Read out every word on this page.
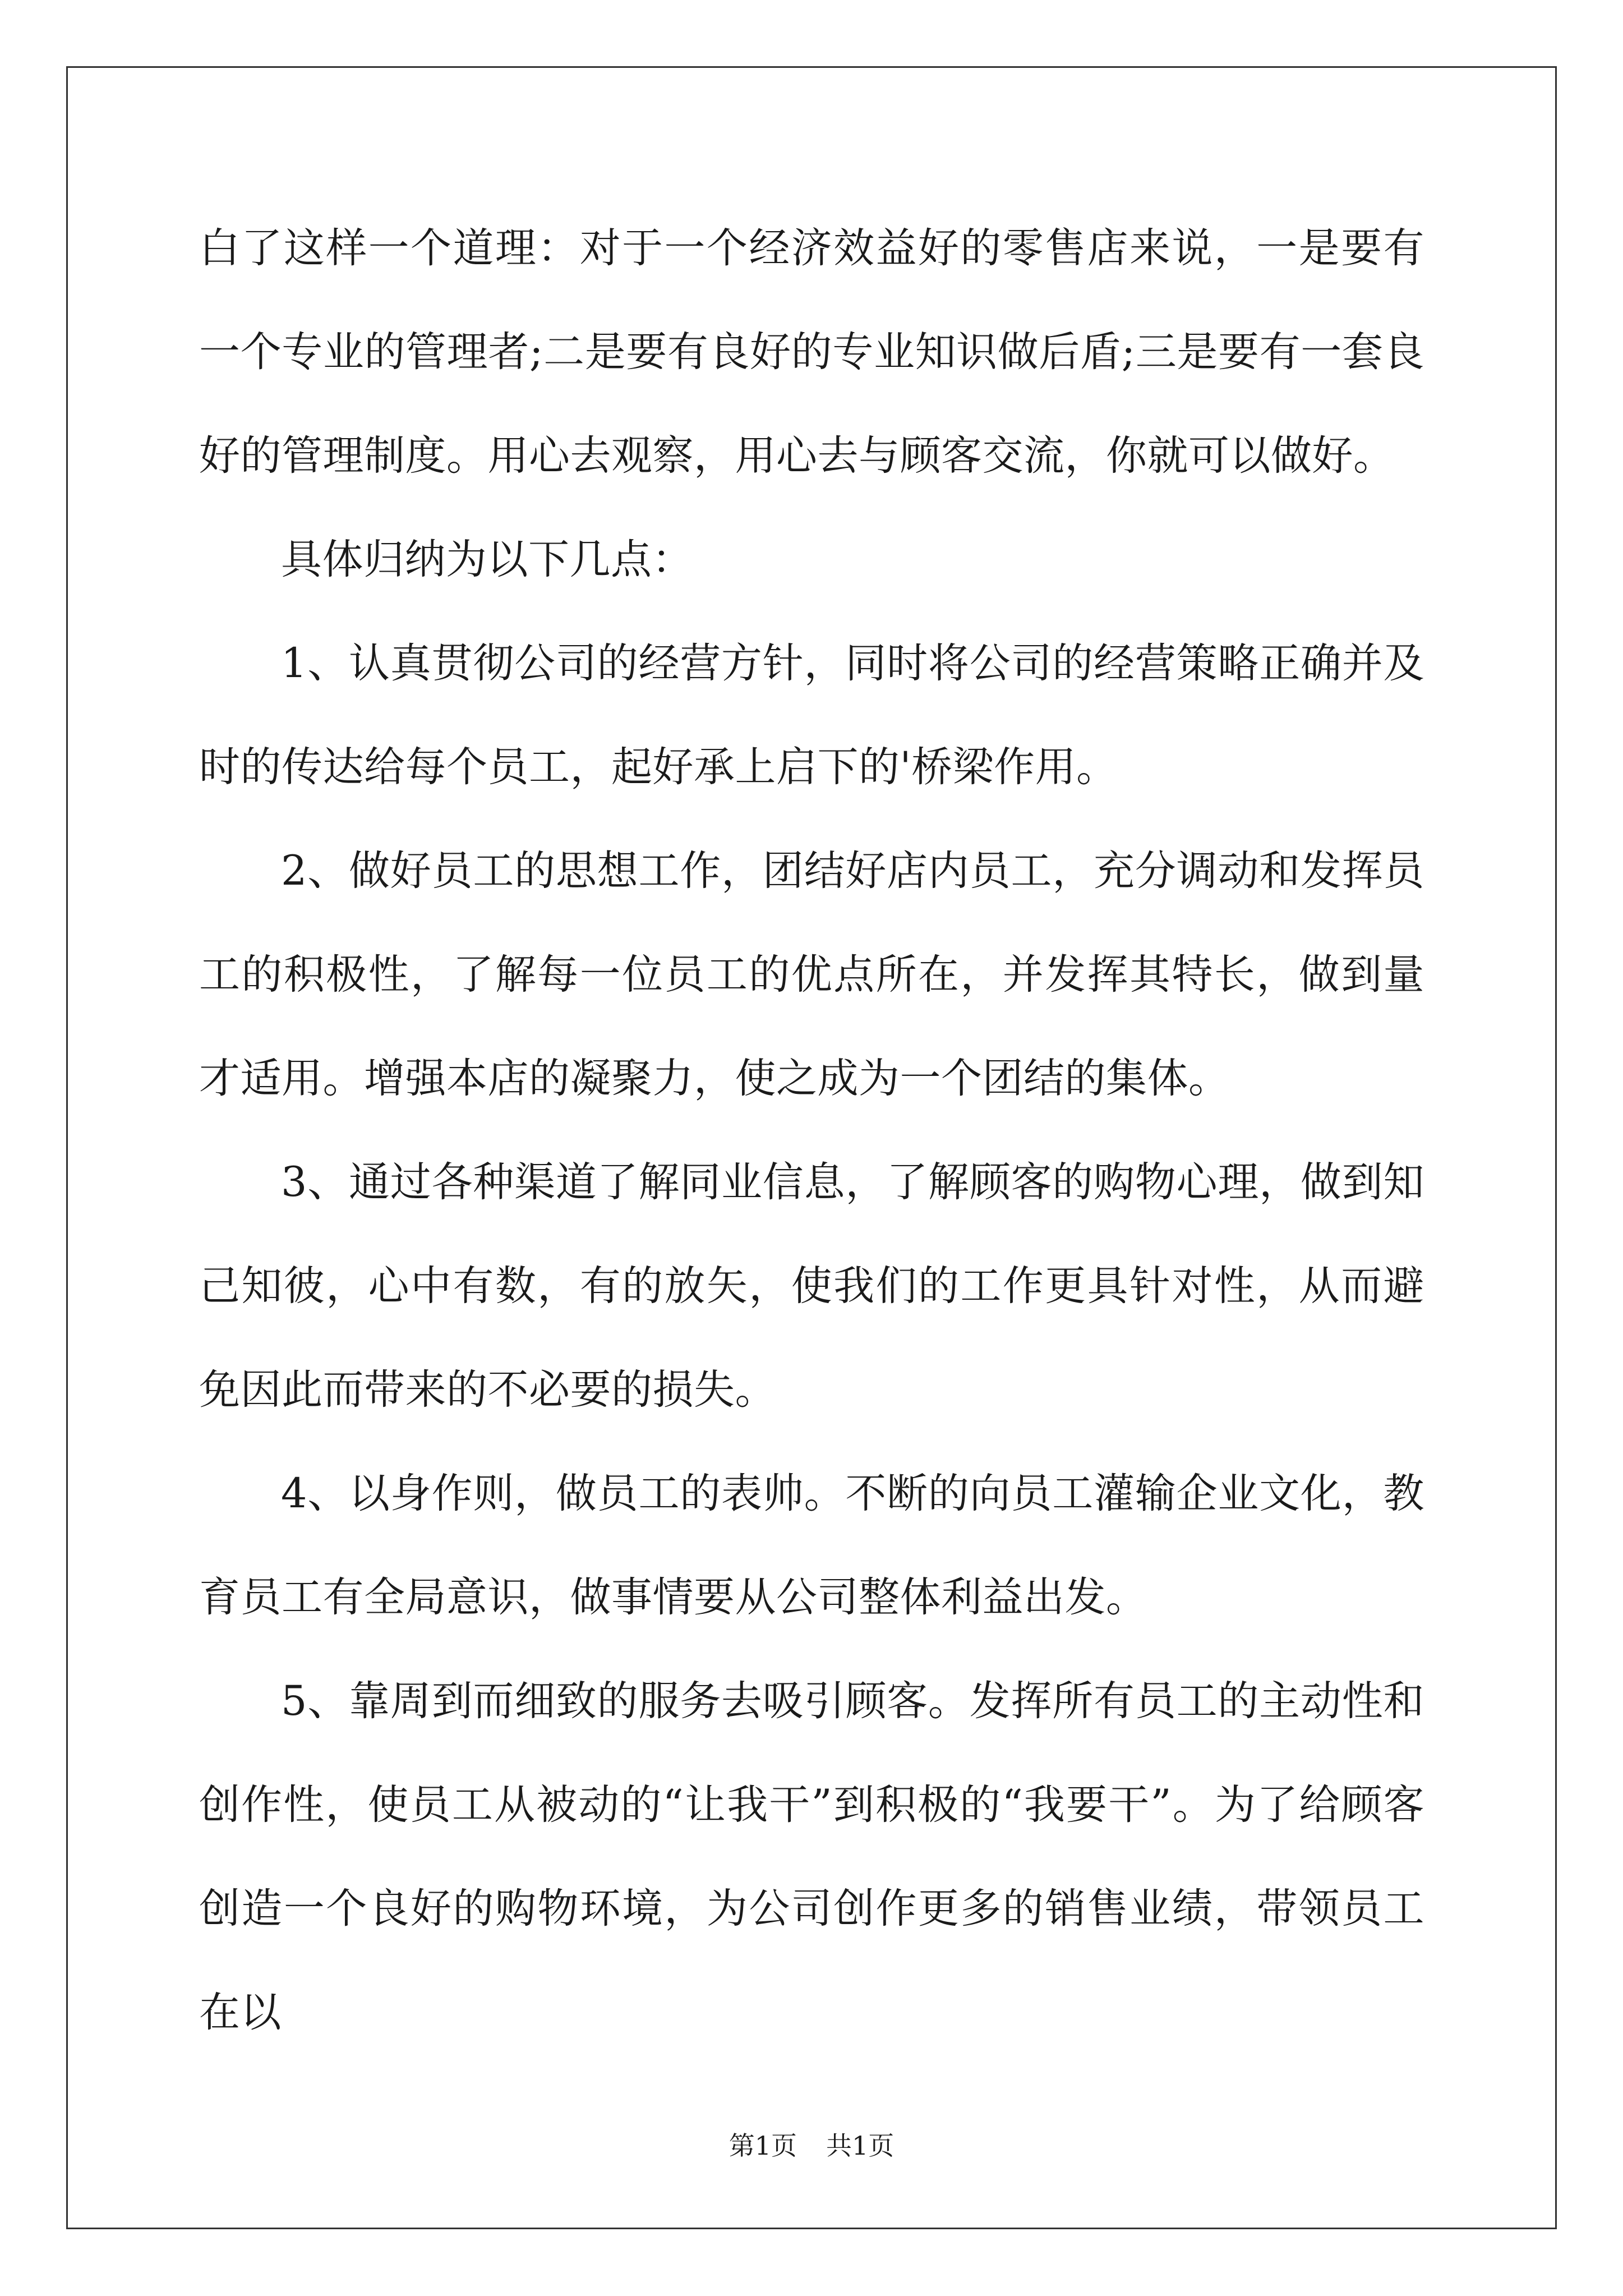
白了这样一个道理：对于一个经济效益好的零售店来说，一是要有一个专业的管理者;二是要有良好的专业知识做后盾;三是要有一套良好的管理制度。用心去观察，用心去与顾客交流，你就可以做好。

具体归纳为以下几点：

1、认真贯彻公司的经营方针，同时将公司的经营策略正确并及时的传达给每个员工，起好承上启下的'桥梁作用。

2、做好员工的思想工作，团结好店内员工，充分调动和发挥员工的积极性，了解每一位员工的优点所在，并发挥其特长，做到量才适用。增强本店的凝聚力，使之成为一个团结的集体。

3、通过各种渠道了解同业信息，了解顾客的购物心理，做到知己知彼，心中有数，有的放矢，使我们的工作更具针对性，从而避免因此而带来的不必要的损失。

4、以身作则，做员工的表帅。不断的向员工灌输企业文化，教育员工有全局意识，做事情要从公司整体利益出发。

5、靠周到而细致的服务去吸引顾客。发挥所有员工的主动性和创作性，使员工从被动的“让我干”到积极的“我要干”。为了给顾客创造一个良好的购物环境，为公司创作更多的销售业绩，带领员工在以

第1页 共1页
